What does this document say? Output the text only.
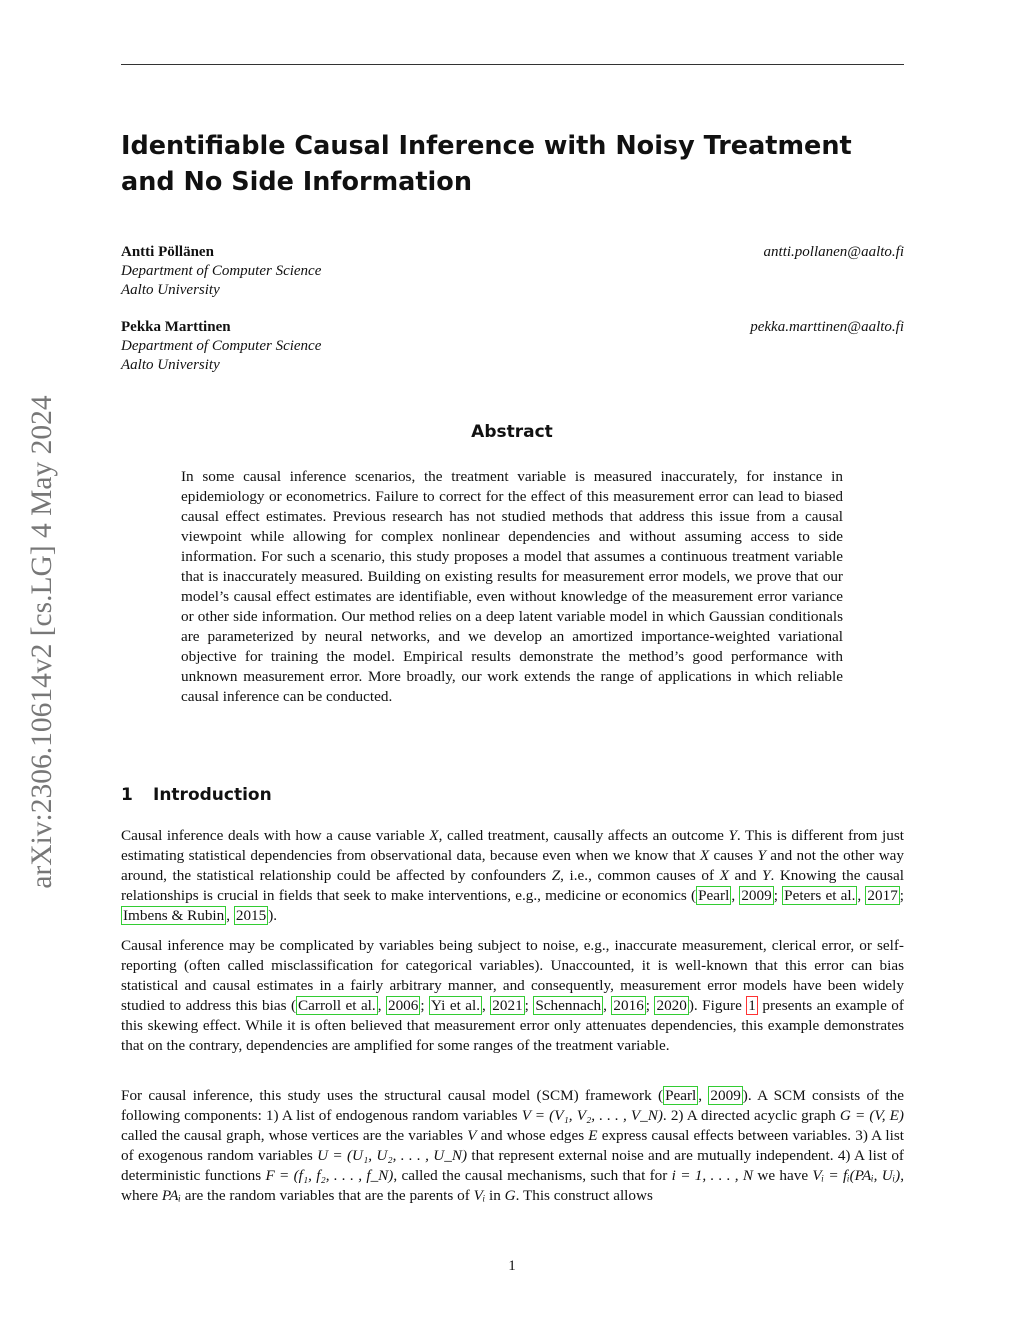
arXiv:2306.10614v2 [cs.LG] 4 May 2024
Identifiable Causal Inference with Noisy Treatment and No Side Information
Antti Pöllänen
Department of Computer Science
Aalto University
antti.pollanen@aalto.fi
Pekka Marttinen
Department of Computer Science
Aalto University
pekka.marttinen@aalto.fi
Abstract

In some causal inference scenarios, the treatment variable is measured inaccurately, for instance in epidemiology or econometrics. Failure to correct for the effect of this measurement error can lead to biased causal effect estimates. Previous research has not studied methods that address this issue from a causal viewpoint while allowing for complex nonlinear dependencies and without assuming access to side information. For such a scenario, this study proposes a model that assumes a continuous treatment variable that is inaccurately measured. Building on existing results for measurement error models, we prove that our model’s causal effect estimates are identifiable, even without knowledge of the measurement error variance or other side information. Our method relies on a deep latent variable model in which Gaussian conditionals are parameterized by neural networks, and we develop an amortized importance-weighted variational objective for training the model. Empirical results demonstrate the method’s good performance with unknown measurement error. More broadly, our work extends the range of applications in which reliable causal inference can be conducted.

1 Introduction

Causal inference deals with how a cause variable X, called treatment, causally affects an outcome Y. This is different from just estimating statistical dependencies from observational data, because even when we know that X causes Y and not the other way around, the statistical relationship could be affected by confounders Z, i.e., common causes of X and Y. Knowing the causal relationships is crucial in fields that seek to make interventions, e.g., medicine or economics ( Pearl , 2009 ; Peters et al. , 2017 ; Imbens & Rubin , 2015 ).

Causal inference may be complicated by variables being subject to noise, e.g., inaccurate measurement, clerical error, or self-reporting (often called misclassification for categorical variables). Unaccounted, it is well-known that this error can bias statistical and causal estimates in a fairly arbitrary manner, and consequently, measurement error models have been widely studied to address this bias ( Carroll et al. , 2006 ; Yi et al. , 2021 ; Schennach , 2016 ; 2020 ). Figure 1 presents an example of this skewing effect. While it is often believed that measurement error only attenuates dependencies, this example demonstrates that on the contrary, dependencies are amplified for some ranges of the treatment variable.

For causal inference, this study uses the structural causal model (SCM) framework ( Pearl , 2009 ). A SCM consists of the following components: 1) A list of endogenous random variables V = (V₁, V₂, . . . , V_N). 2) A directed acyclic graph G = (V, E) called the causal graph, whose vertices are the variables V and whose edges E express causal effects between variables. 3) A list of exogenous random variables U = (U₁, U₂, . . . , U_N) that represent external noise and are mutually independent. 4) A list of deterministic functions F = (f₁, f₂, . . . , f_N), called the causal mechanisms, such that for i = 1, . . . , N we have Vᵢ = fᵢ(PAᵢ, Uᵢ), where PAᵢ are the random variables that are the parents of Vᵢ in G. This construct allows

1
